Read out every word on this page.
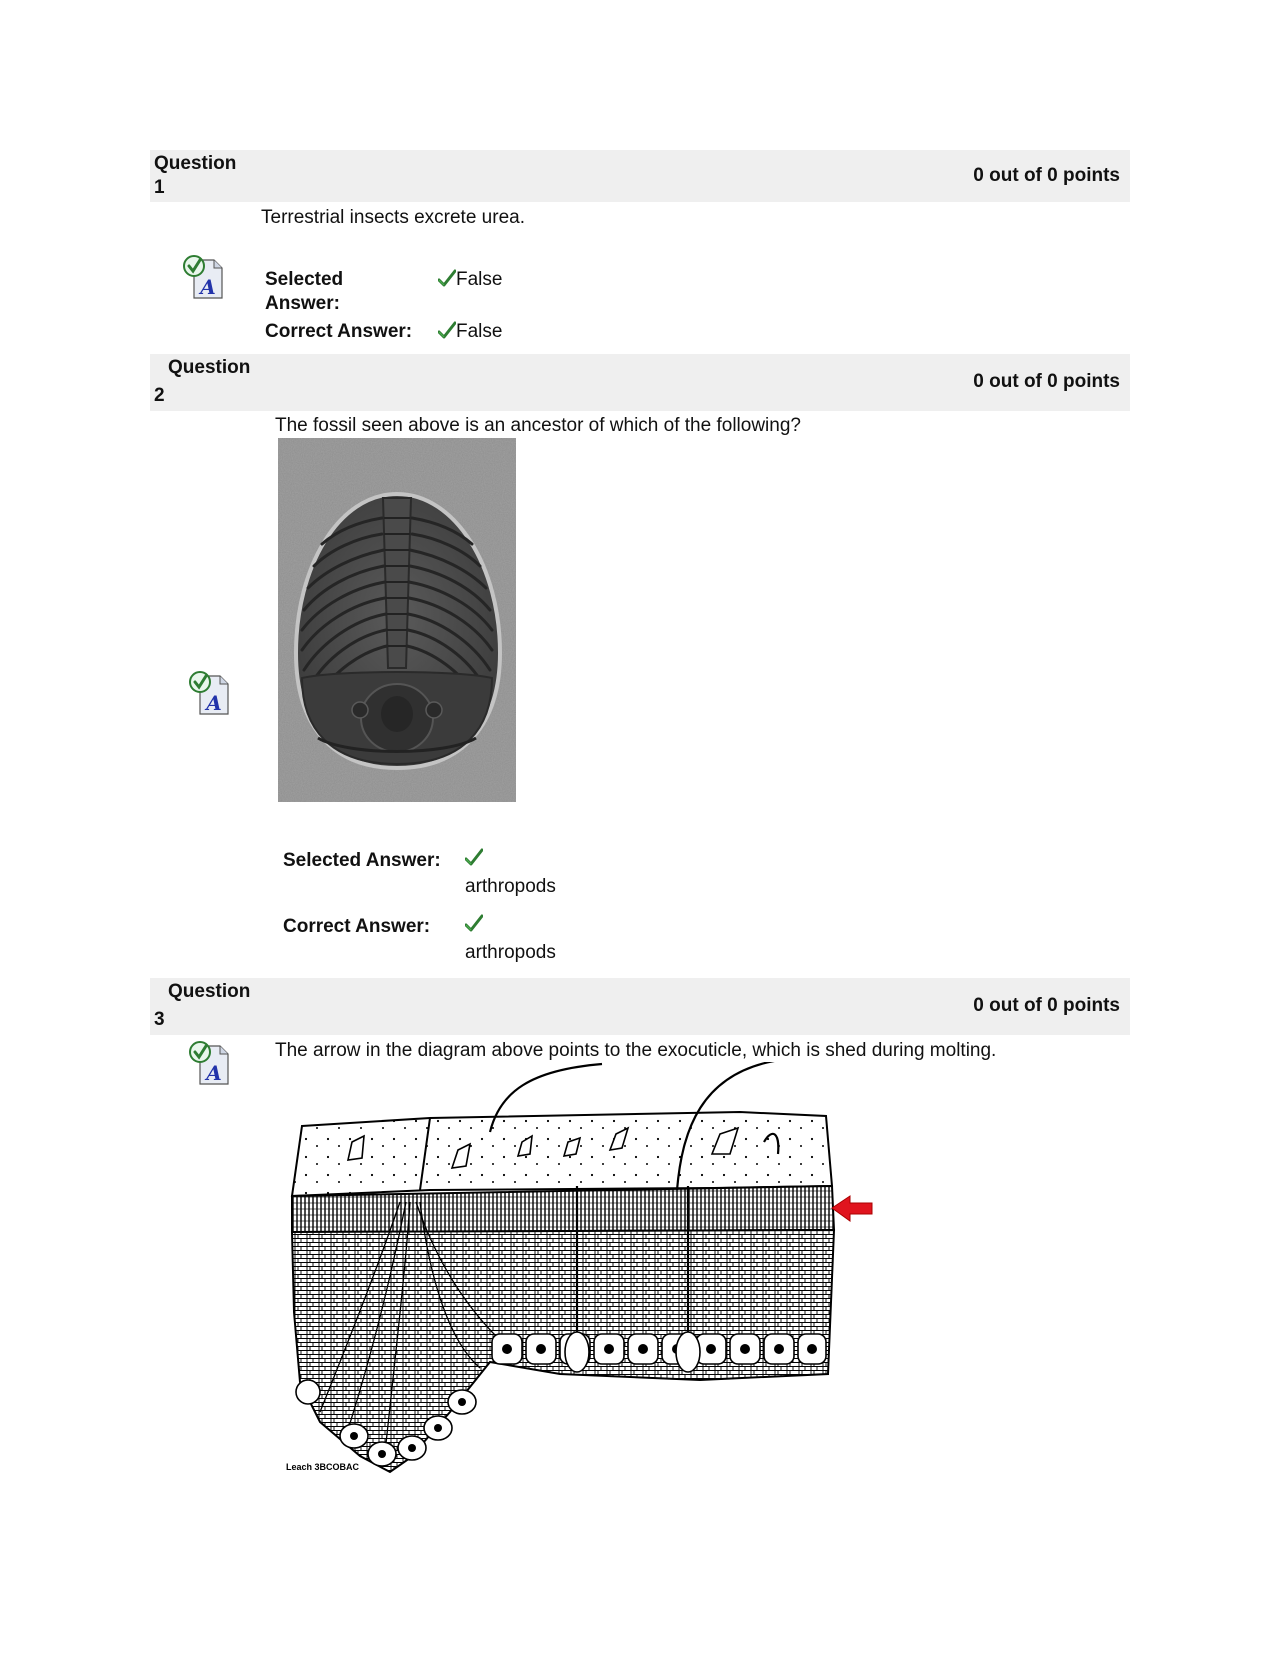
Question
1
0 out of 0 points
Terrestrial insects excrete urea.
Selected
Answer:
False
Correct Answer:	False
Question
2
0 out of 0 points
The fossil seen above is an ancestor of which of the following?
Selected Answer:
arthropods
Correct Answer:
arthropods
Question
3
0 out of 0 points
The arrow in the diagram above points to the exocuticle, which is shed during molting.
Leach 3BCOBAC
